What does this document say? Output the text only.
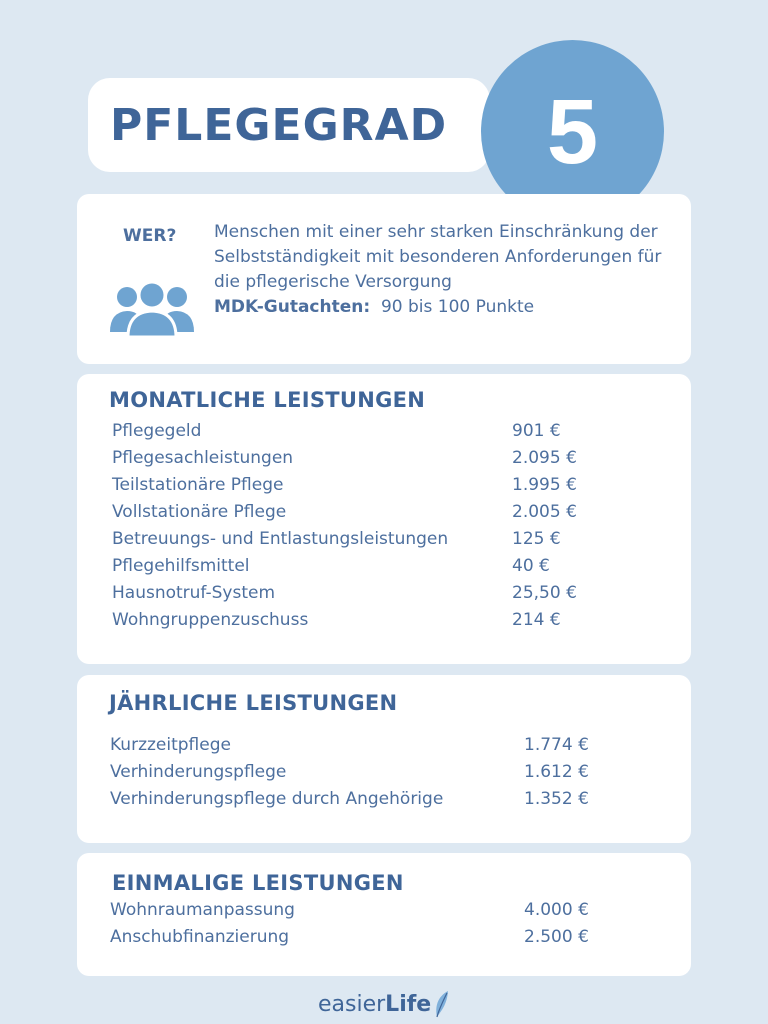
PFLEGEGRAD 5
WER? Menschen mit einer sehr starken Einschränkung der Selbstständigkeit mit besonderen Anforderungen für die pflegerische Versorgung
MDK-Gutachten: 90 bis 100 Punkte
MONATLICHE LEISTUNGEN
Pflegegeld	901 €
Pflegesachleistungen	2.095 €
Teilstationäre Pflege	1.995 €
Vollstationäre Pflege	2.005 €
Betreuungs- und Entlastungsleistungen	125 €
Pflegehilfsmittel	40 €
Hausnotruf-System	25,50 €
Wohngruppenzuschuss	214 €
JÄHRLICHE LEISTUNGEN
Kurzzeitpflege	1.774 €
Verhinderungspflege	1.612 €
Verhinderungspflege durch Angehörige	1.352 €
EINMALIGE LEISTUNGEN
Wohnraumanpassung	4.000 €
Anschubfinanzierung	2.500 €
easier Life
